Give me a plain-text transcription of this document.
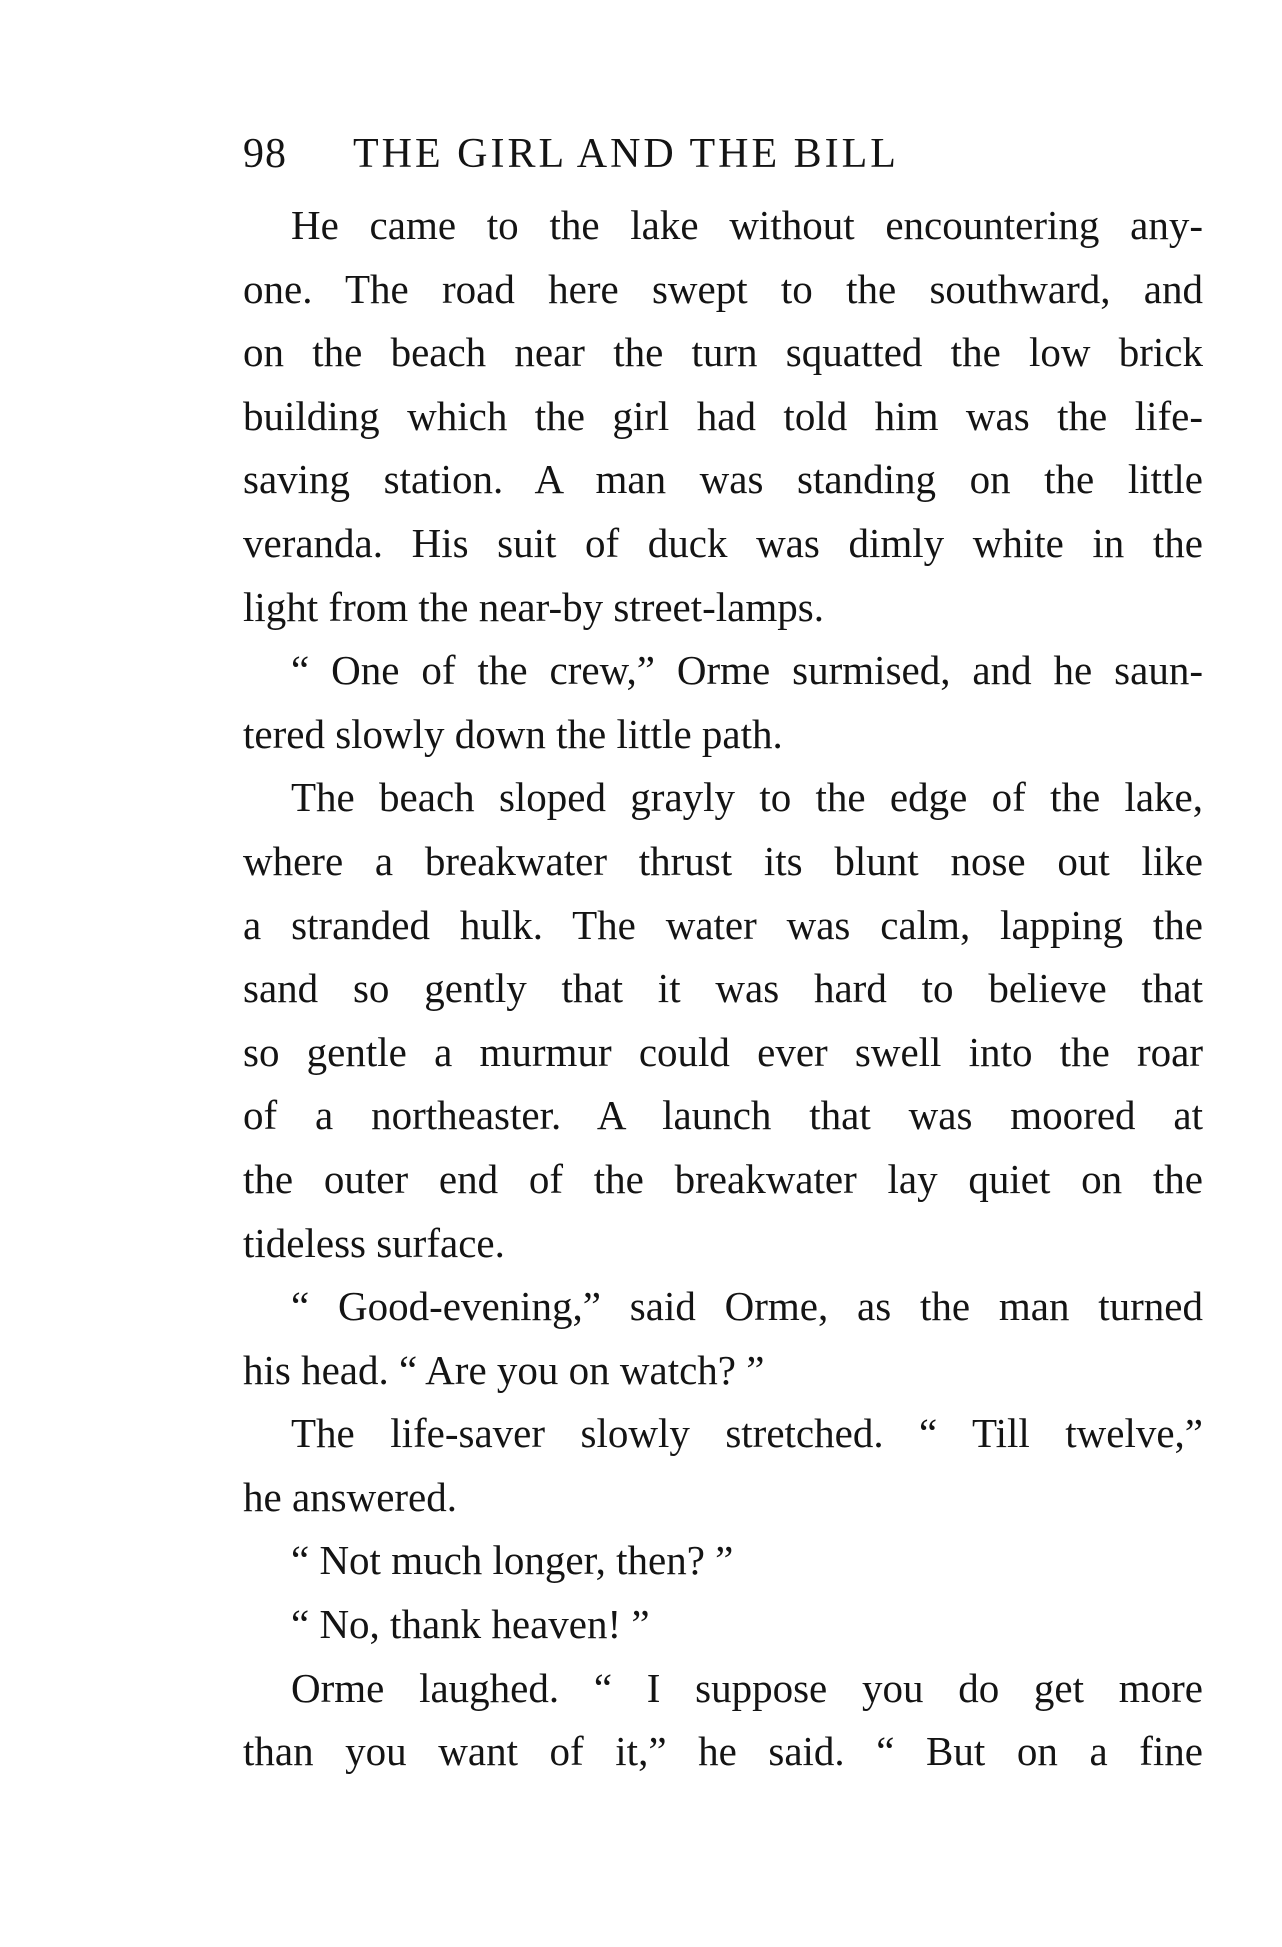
98 THE GIRL AND THE BILL
He came to the lake without encountering any-
one. The road here swept to the southward, and
on the beach near the turn squatted the low brick
building which the girl had told him was the life-
saving station. A man was standing on the little
veranda. His suit of duck was dimly white in the
light from the near-by street-lamps.
“ One of the crew,” Orme surmised, and he saun-
tered slowly down the little path.
The beach sloped grayly to the edge of the lake,
where a breakwater thrust its blunt nose out like
a stranded hulk. The water was calm, lapping the
sand so gently that it was hard to believe that
so gentle a murmur could ever swell into the roar
of a northeaster. A launch that was moored at
the outer end of the breakwater lay quiet on the
tideless surface.
“ Good-evening,” said Orme, as the man turned
his head. “ Are you on watch? ”
The life-saver slowly stretched. “ Till twelve,”
he answered.
“ Not much longer, then? ”
“ No, thank heaven! ”
Orme laughed. “ I suppose you do get more
than you want of it,” he said. “ But on a fine
